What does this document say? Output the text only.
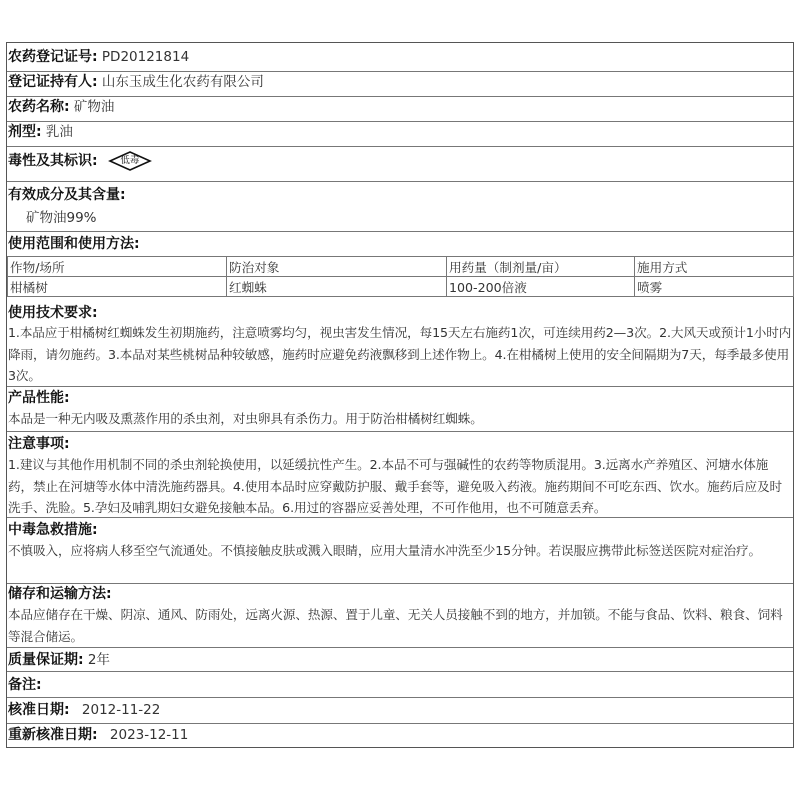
农药登记证号: PD20121814
登记证持有人: 山东玉成生化农药有限公司
农药名称: 矿物油
剂型: 乳油
毒性及其标识:	低毒
有效成分及其含量:
矿物油99%
使用范围和使用方法:
作物/场所	防治对象	用药量（制剂量/亩）	施用方式
柑橘树	红蜘蛛	100-200倍液	喷雾
使用技术要求:
1.本品应于柑橘树红蜘蛛发生初期施药，注意喷雾均匀，视虫害发生情况，每15天左右施药1次，可连续用药2—3次。2.大风天或预计1小时内降雨，请勿施药。3.本品对某些桃树品种较敏感，施药时应避免药液飘移到上述作物上。4.在柑橘树上使用的安全间隔期为7天，每季最多使用3次。
产品性能:
本品是一种无内吸及熏蒸作用的杀虫剂，对虫卵具有杀伤力。用于防治柑橘树红蜘蛛。
注意事项:
1.建议与其他作用机制不同的杀虫剂轮换使用，以延缓抗性产生。2.本品不可与强碱性的农药等物质混用。3.远离水产养殖区、河塘水体施药，禁止在河塘等水体中清洗施药器具。4.使用本品时应穿戴防护服、戴手套等，避免吸入药液。施药期间不可吃东西、饮水。施药后应及时洗手、洗脸。5.孕妇及哺乳期妇女避免接触本品。6.用过的容器应妥善处理，不可作他用，也不可随意丢弃。
中毒急救措施:
不慎吸入，应将病人移至空气流通处。不慎接触皮肤或溅入眼睛，应用大量清水冲洗至少15分钟。若误服应携带此标签送医院对症治疗。
储存和运输方法:
本品应储存在干燥、阴凉、通风、防雨处，远离火源、热源、置于儿童、无关人员接触不到的地方，并加锁。不能与食品、饮料、粮食、饲料等混合储运。
质量保证期: 2年
备注:
核准日期: 2012-11-22
重新核准日期: 2023-12-11
